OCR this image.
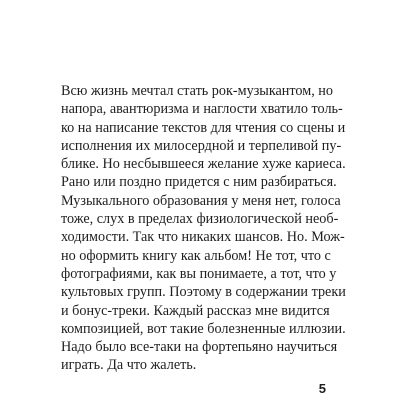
Всю жизнь мечтал стать рок-музыкантом, но
напора, авантюризма и наглости хватило толь-
ко на написание текстов для чтения со сцены и
исполнения их милосердной и терпеливой пу-
блике. Но несбывшееся желание хуже кариеса.
Рано или поздно придется с ним разбираться.
Музыкального образования у меня нет, голоса
тоже, слух в пределах физиологической необ-
ходимости. Так что никаких шансов. Но. Мож-
но оформить книгу как альбом! Не тот, что с
фотографиями, как вы понимаете, а тот, что у
культовых групп. Поэтому в содержании треки
и бонус-треки. Каждый рассказ мне видится
композицией, вот такие болезненные иллюзии.
Надо было все-таки на фортепьяно научиться
играть. Да что жалеть.
5
